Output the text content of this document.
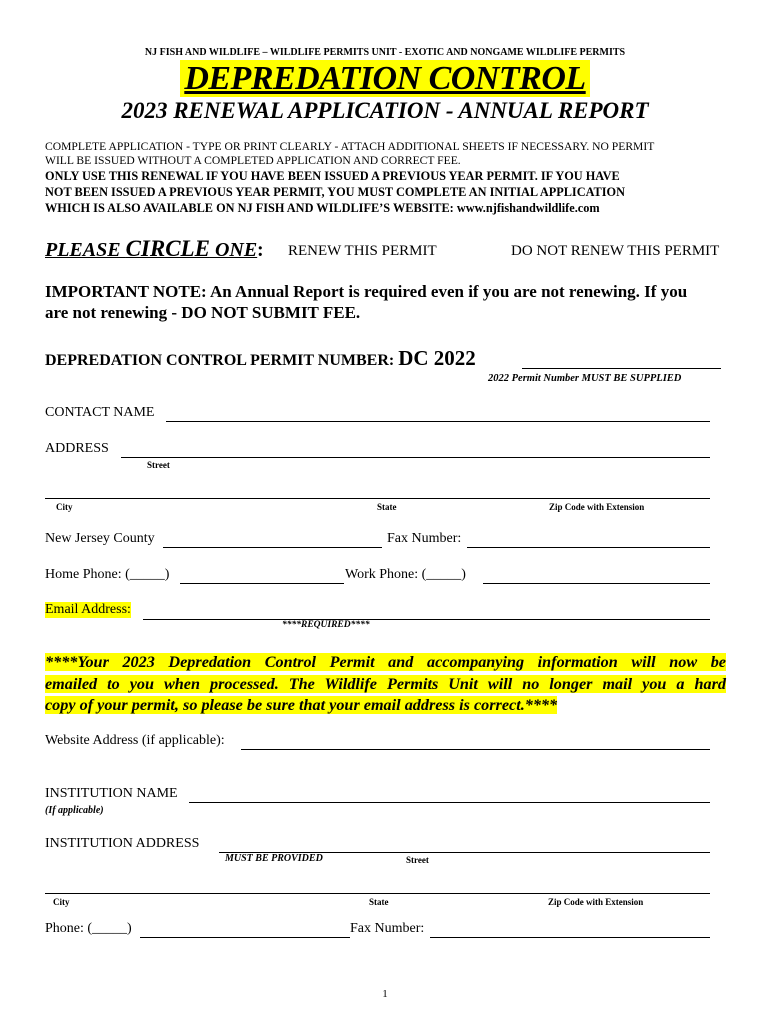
NJ FISH AND WILDLIFE – WILDLIFE PERMITS UNIT - EXOTIC AND NONGAME WILDLIFE PERMITS
DEPREDATION CONTROL
2023 RENEWAL APPLICATION - ANNUAL REPORT
COMPLETE APPLICATION - TYPE OR PRINT CLEARLY - ATTACH ADDITIONAL SHEETS IF NECESSARY. NO PERMIT
WILL BE ISSUED WITHOUT A COMPLETED APPLICATION AND CORRECT FEE.
ONLY USE THIS RENEWAL IF YOU HAVE BEEN ISSUED A PREVIOUS YEAR PERMIT. IF YOU HAVE
NOT BEEN ISSUED A PREVIOUS YEAR PERMIT, YOU MUST COMPLETE AN INITIAL APPLICATION
WHICH IS ALSO AVAILABLE ON NJ FISH AND WILDLIFE’S WEBSITE: www.njfishandwildlife.com
PLEASE CIRCLE ONE : RENEW THIS PERMIT	DO NOT RENEW THIS PERMIT
IMPORTANT NOTE: An Annual Report is required even if you are not renewing. If you
are not renewing - DO NOT SUBMIT FEE.
DEPREDATION CONTROL PERMIT NUMBER: DC 2022
2022 Permit Number MUST BE SUPPLIED
CONTACT NAME
ADDRESS
Street
City	State	Zip Code with Extension
New Jersey County	Fax Number:
Home Phone: (_____)	Work Phone: (_____)
Email Address:
****REQUIRED****
****Your 2023 Depredation Control Permit and accompanying information will now be
emailed to you when processed. The Wildlife Permits Unit will no longer mail you a hard
copy of your permit, so please be sure that your email address is correct.****
Website Address (if applicable):
INSTITUTION NAME
(If applicable)
INSTITUTION ADDRESS
MUST BE PROVIDED	Street
City	State	Zip Code with Extension
Phone: (_____)	Fax Number:
1
